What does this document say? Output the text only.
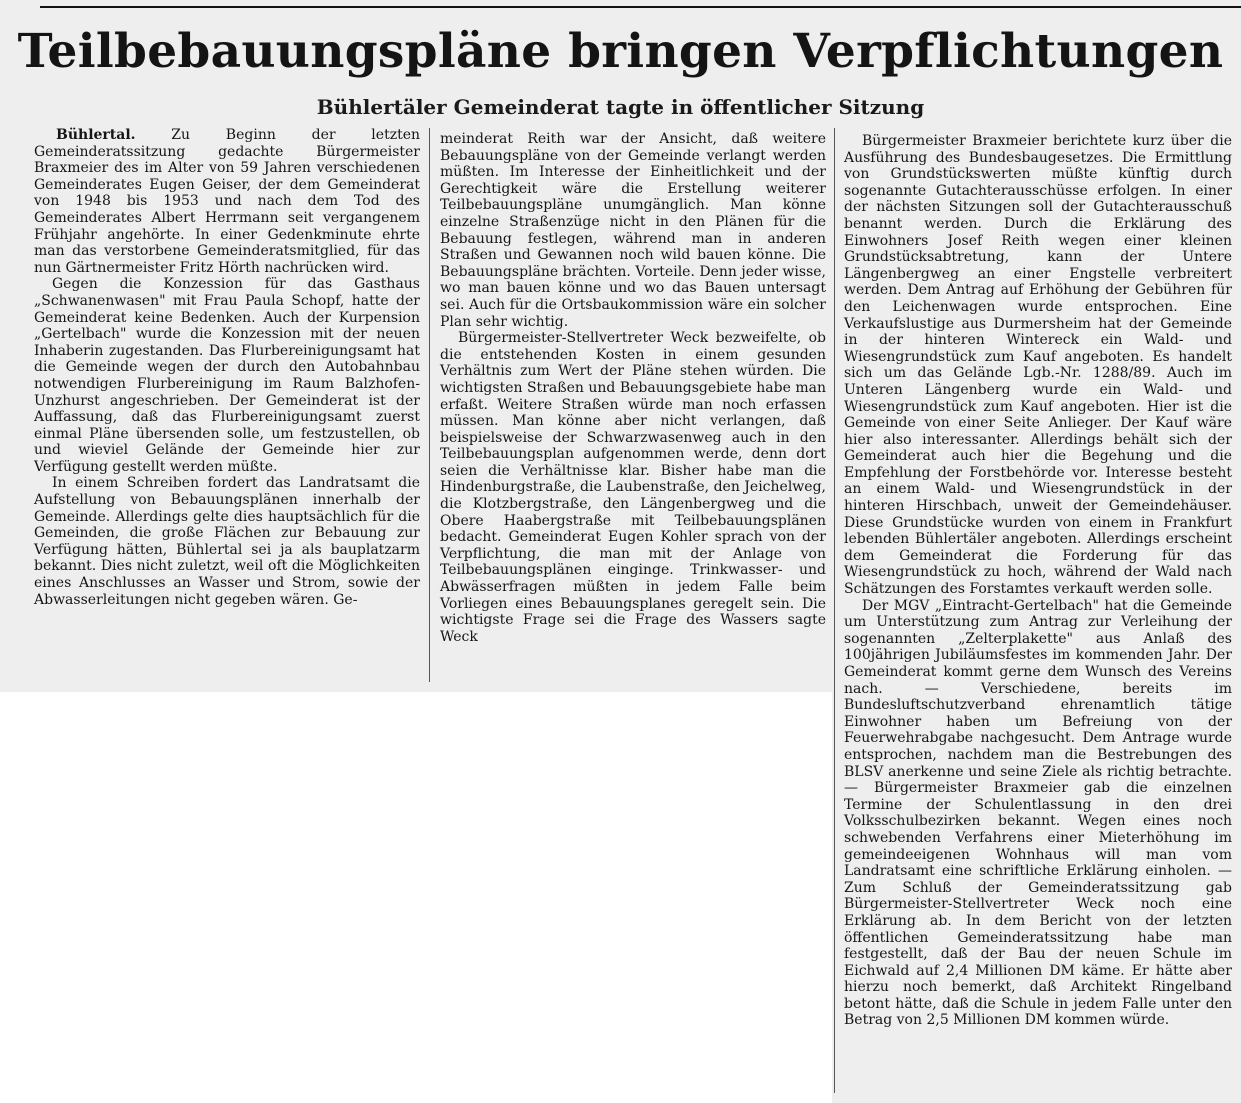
Teilbebauungspläne bringen Verpflichtungen
Bühlertäler Gemeinderat tagte in öffentlicher Sitzung

Bühlertal.	Zu Beginn der letzten Gemeinderatssitzung gedachte Bürgermeister Braxmeier des im Alter von 59 Jahren verschiedenen Gemeinderates Eugen Geiser, der dem Gemeinderat von 1948 bis 1953 und nach dem Tod des Gemeinderates Albert Herrmann seit vergangenem Frühjahr angehörte. In einer Gedenkminute ehrte man das verstorbene Gemeinderatsmitglied, für das nun Gärtnermeister Fritz Hörth nachrücken wird.

Gegen die Konzession für das Gasthaus „Schwanenwasen" mit Frau Paula Schopf, hatte der Gemeinderat keine Bedenken. Auch der Kurpension „Gertelbach" wurde die Konzession mit der neuen Inhaberin zugestanden. Das Flurbereinigungsamt hat die Gemeinde wegen der durch den Autobahnbau notwendigen Flurbereinigung im Raum Balzhofen-Unzhurst angeschrieben. Der Gemeinderat ist der Auffassung, daß das Flurbereinigungsamt zuerst einmal Pläne übersenden solle, um festzustellen, ob und wieviel Gelände der Gemeinde hier zur Verfügung gestellt werden müßte.

In einem Schreiben fordert das Landratsamt die Aufstellung von Bebauungsplänen innerhalb der Gemeinde. Allerdings gelte dies hauptsächlich für die Gemeinden, die große Flächen zur Bebauung zur Verfügung hätten, Bühlertal sei ja als bauplatzarm bekannt. Dies nicht zuletzt, weil oft die Möglichkeiten eines Anschlusses an Wasser und Strom, sowie der Abwasserleitungen nicht gegeben wären. Ge-

meinderat Reith war der Ansicht, daß weitere Bebauungspläne von der Gemeinde verlangt werden müßten. Im Interesse der Einheitlichkeit und der Gerechtigkeit wäre die Erstellung weiterer Teilbebauungspläne unumgänglich. Man könne einzelne Straßenzüge nicht in den Plänen für die Bebauung festlegen, während man in anderen Straßen und Gewannen noch wild bauen könne. Die Bebauungspläne brächten. Vorteile. Denn jeder wisse, wo man bauen könne und wo das Bauen untersagt sei. Auch für die Ortsbaukommission wäre ein solcher Plan sehr wichtig.

Bürgermeister-Stellvertreter Weck bezweifelte, ob die entstehenden Kosten in einem gesunden Verhältnis zum Wert der Pläne stehen würden. Die wichtigsten Straßen und Bebauungsgebiete habe man erfaßt. Weitere Straßen würde man noch erfassen müssen. Man könne aber nicht verlangen, daß beispielsweise der Schwarzwasenweg auch in den Teilbebauungsplan aufgenommen werde, denn dort seien die Verhältnisse klar. Bisher habe man die Hindenburgstraße, die Laubenstraße, den Jeichelweg, die Klotzbergstraße, den Längenbergweg und die Obere Haabergstraße mit Teilbebauungsplänen bedacht. Gemeinderat Eugen Kohler sprach von der Verpflichtung, die man mit der Anlage von Teilbebauungsplänen einginge. Trinkwasser- und Abwässerfragen müßten in jedem Falle beim Vorliegen eines Bebauungsplanes geregelt sein. Die wichtigste Frage sei die Frage des Wassers sagte Weck

Bürgermeister Braxmeier berichtete kurz über die Ausführung des Bundesbaugesetzes. Die Ermittlung von Grundstückswerten müßte künftig durch sogenannte Gutachterausschüsse erfolgen. In einer der nächsten Sitzungen soll der Gutachterausschuß benannt werden. Durch die Erklärung des Einwohners Josef Reith wegen einer kleinen Grundstücksabtretung, kann der Untere Längenbergweg an einer Engstelle verbreitert werden. Dem Antrag auf Erhöhung der Gebühren für den Leichenwagen wurde entsprochen. Eine Verkaufslustige aus Durmersheim hat der Gemeinde in der hinteren Wintereck ein Wald- und Wiesengrundstück zum Kauf angeboten. Es handelt sich um das Gelände Lgb.-Nr. 1288/89. Auch im Unteren Längenberg wurde ein Wald- und Wiesengrundstück zum Kauf angeboten. Hier ist die Gemeinde von einer Seite Anlieger. Der Kauf wäre hier also interessanter. Allerdings behält sich der Gemeinderat auch hier die Begehung und die Empfehlung der Forstbehörde vor. Interesse besteht an einem Wald- und Wiesengrundstück in der hinteren Hirschbach, unweit der Gemeindehäuser. Diese Grundstücke wurden von einem in Frankfurt lebenden Bühlertäler angeboten. Allerdings erscheint dem Gemeinderat die Forderung für das Wiesengrundstück zu hoch, während der Wald nach Schätzungen des Forstamtes verkauft werden solle.

Der MGV „Eintracht-Gertelbach" hat die Gemeinde um Unterstützung zum Antrag zur Verleihung der sogenannten „Zelterplakette" aus Anlaß des 100jährigen Jubiläumsfestes im kommenden Jahr. Der Gemeinderat kommt gerne dem Wunsch des Vereins nach. — Verschiedene, bereits im Bundesluftschutzverband ehrenamtlich tätige Einwohner haben um Befreiung von der Feuerwehrabgabe nachgesucht. Dem Antrage wurde entsprochen, nachdem man die Bestrebungen des BLSV anerkenne und seine Ziele als richtig betrachte. — Bürgermeister Braxmeier gab die einzelnen Termine der Schulentlassung in den drei Volksschulbezirken bekannt. Wegen eines noch schwebenden Verfahrens einer Mieterhöhung im gemeindeeigenen Wohnhaus will man vom Landratsamt eine schriftliche Erklärung einholen. — Zum Schluß der Gemeinderatssitzung gab Bürgermeister-Stellvertreter Weck noch eine Erklärung ab. In dem Bericht von der letzten öffentlichen Gemeinderatssitzung habe man festgestellt, daß der Bau der neuen Schule im Eichwald auf 2,4 Millionen DM käme. Er hätte aber hierzu noch bemerkt, daß Architekt Ringelband betont hätte, daß die Schule in jedem Falle unter den Betrag von 2,5 Millionen DM kommen würde.
